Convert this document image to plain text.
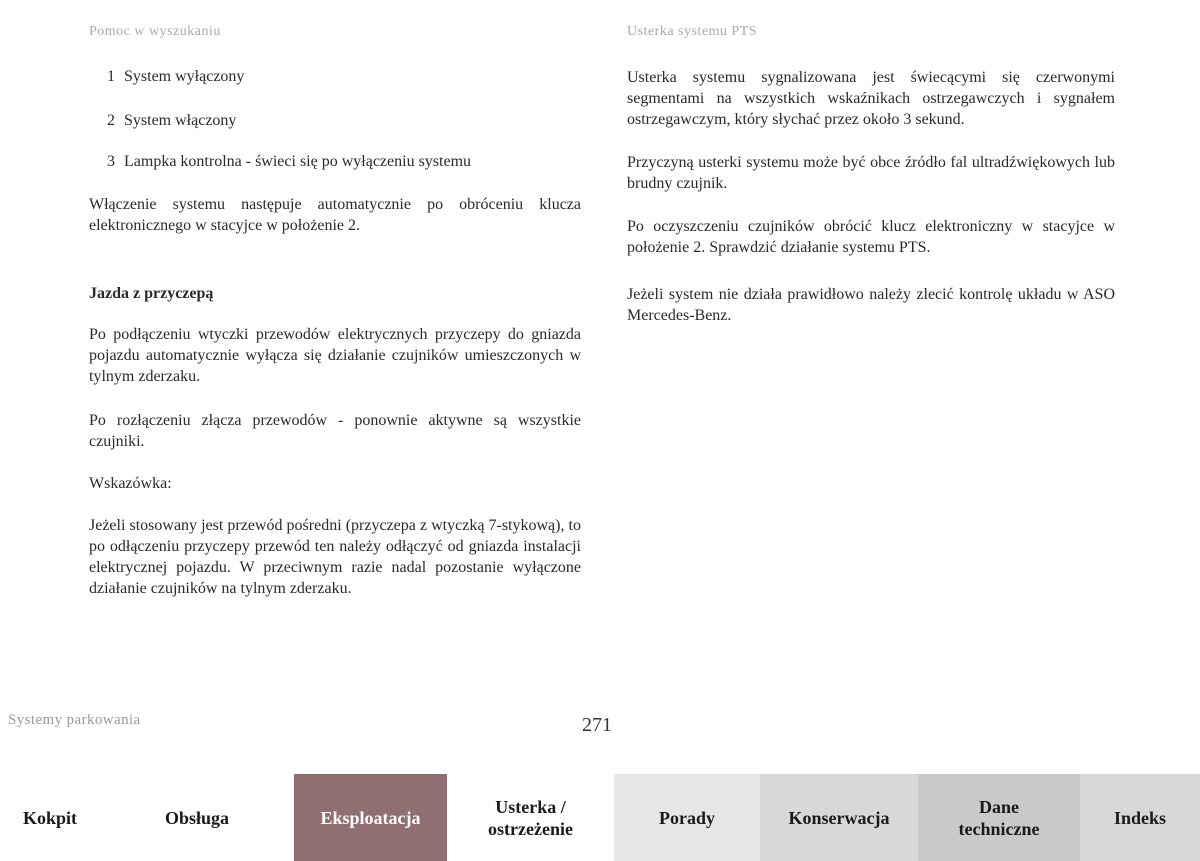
Pomoc w wyszukaniu	Usterka systemu PTS
1 System wyłączony
2 System włączony
3 Lampka kontrolna - świeci się po wyłączeniu systemu

Włączenie systemu następuje automatycznie po obróceniu klucza elektronicznego w stacyjce w położenie 2.

Jazda z przyczepą

Po podłączeniu wtyczki przewodów elektrycznych przyczepy do gniazda pojazdu automatycznie wyłącza się działanie czujników umieszczonych w tylnym zderzaku.

Po rozłączeniu złącza przewodów - ponownie aktywne są wszystkie czujniki.

Wskazówka:

Jeżeli stosowany jest przewód pośredni (przyczepa z wtyczką 7-stykową), to po odłączeniu przyczepy przewód ten należy odłączyć od gniazda instalacji elektrycznej pojazdu. W przeciwnym razie nadal pozostanie wyłączone działanie czujników na tylnym zderzaku.

Usterka systemu sygnalizowana jest świecącymi się czerwonymi segmentami na wszystkich wskaźnikach ostrzegawczych i sygnałem ostrzegawczym, który słychać przez około 3 sekund.

Przyczyną usterki systemu może być obce źródło fal ultradźwiękowych lub brudny czujnik.

Po oczyszczeniu czujników obrócić klucz elektroniczny w stacyjce w położenie 2. Sprawdzić działanie systemu PTS.

Jeżeli system nie działa prawidłowo należy zlecić kontrolę układu w ASO Mercedes-Benz.

Systemy parkowania	271
Kokpit	Obsługa	Eksploatacja
Usterka /
ostrzeżenie
Porady	Konserwacja
Dane
techniczne
Indeks
